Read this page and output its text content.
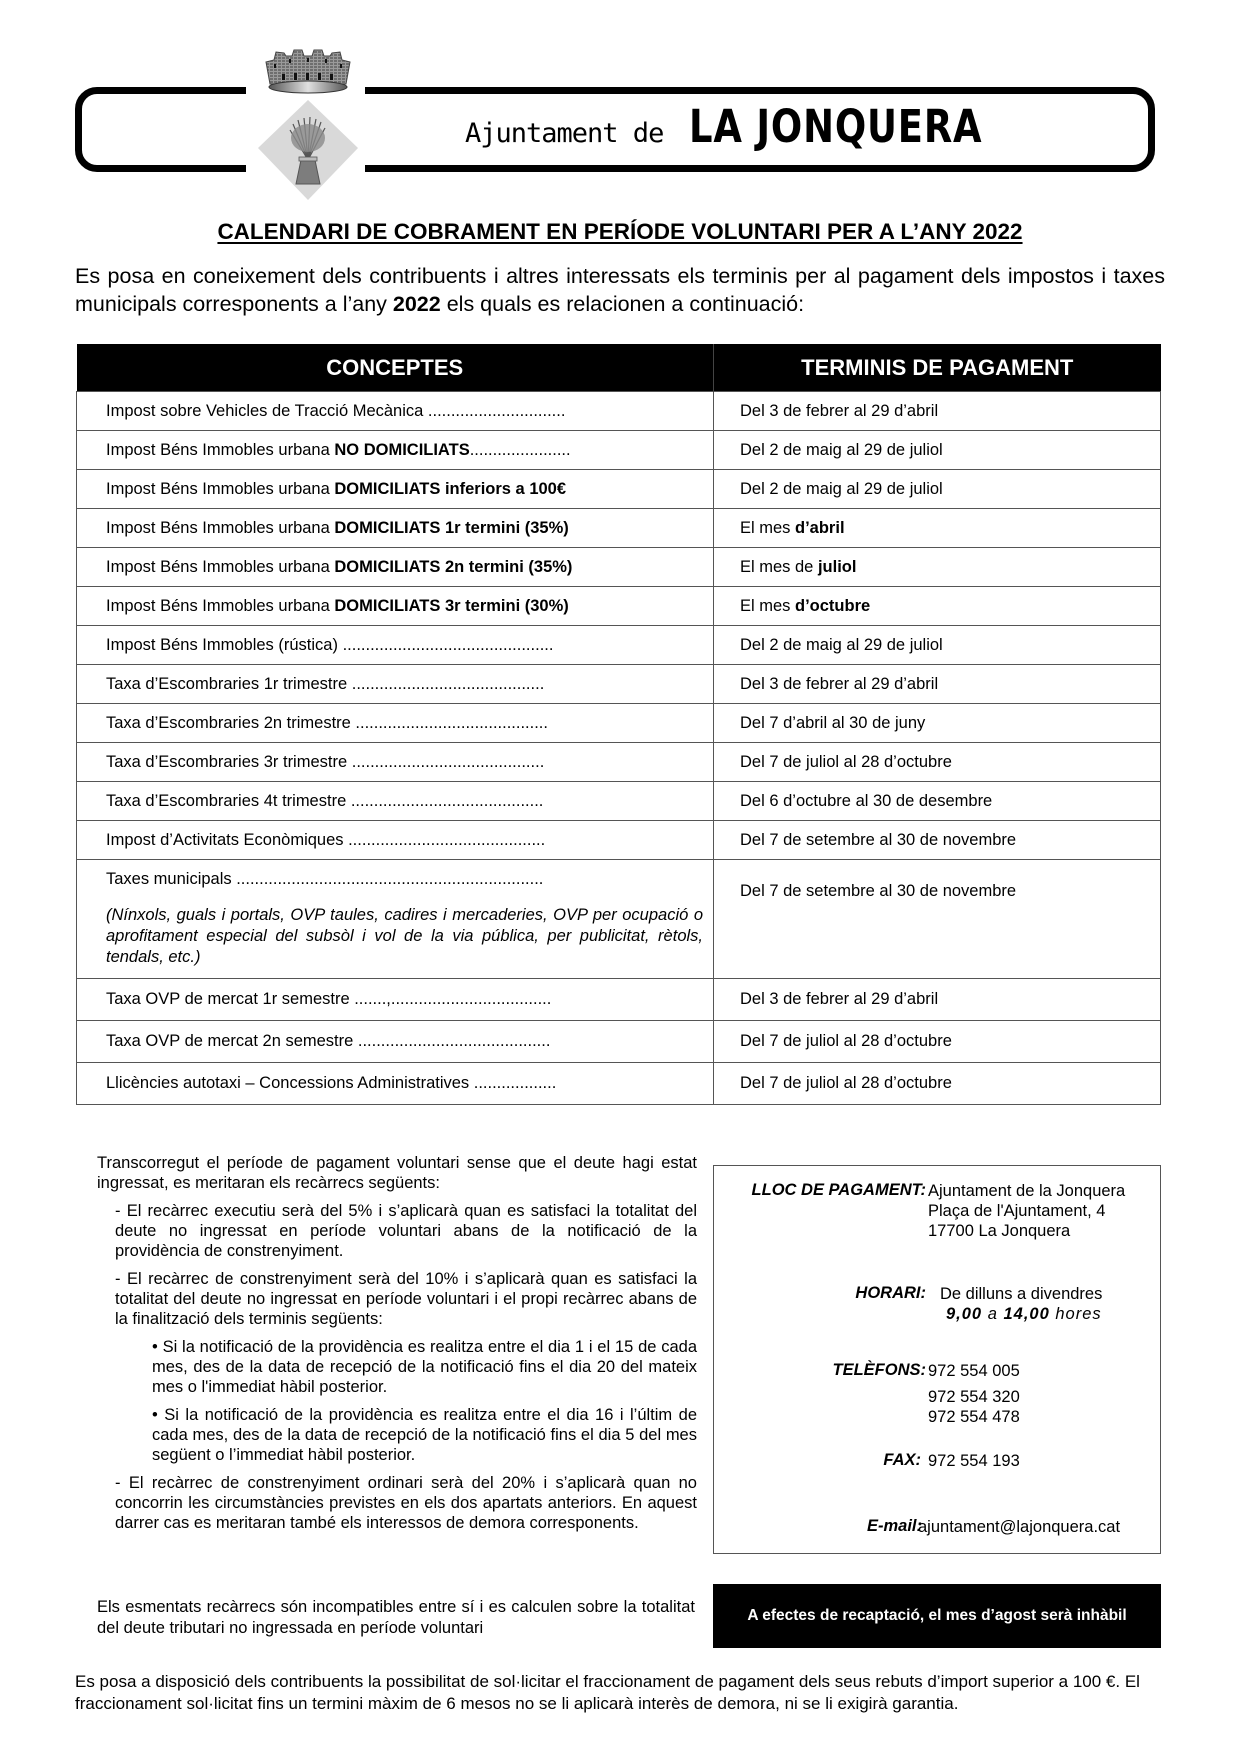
Ajuntament de LA JONQUERA
CALENDARI DE COBRAMENT EN PERÍODE VOLUNTARI PER A L’ANY 2022
Es posa en coneixement dels contribuents i altres interessats els terminis per al pagament dels impostos i taxes municipals corresponents a l’any 2022 els quals es relacionen a continuació:
CONCEPTES	TERMINIS DE PAGAMENT
Impost sobre Vehicles de Tracció Mecànica ..............................	Del 3 de febrer al 29 d’abril
Impost Béns Immobles urbana NO DOMICILIATS......................	Del 2 de maig al 29 de juliol
Impost Béns Immobles urbana DOMICILIATS inferiors a 100€	Del 2 de maig al 29 de juliol
Impost Béns Immobles urbana DOMICILIATS 1r termini (35%)	El mes d’abril
Impost Béns Immobles urbana DOMICILIATS 2n termini (35%)	El mes de juliol
Impost Béns Immobles urbana DOMICILIATS 3r termini (30%)	El mes d’octubre
Impost Béns Immobles (rústica) ..............................................	Del 2 de maig al 29 de juliol
Taxa d’Escombraries 1r trimestre ..........................................	Del 3 de febrer al 29 d’abril
Taxa d’Escombraries 2n trimestre ..........................................	Del 7 d’abril al 30 de juny
Taxa d’Escombraries 3r trimestre ..........................................	Del 7 de juliol al 28 d’octubre
Taxa d’Escombraries 4t trimestre ..........................................	Del 6 d’octubre al 30 de desembre
Impost d’Activitats Econòmiques ...........................................	Del 7 de setembre al 30 de novembre

Taxes municipals ...................................................................
(Nínxols, guals i portals, OVP taules, cadires i mercaderies, OVP per ocupació o aprofitament especial del subsòl i vol de la via pública, per publicitat, rètols, tendals, etc.)	Del 7 de setembre al 30 de novembre

Taxa OVP de mercat 1r semestre .......,...................................	Del 3 de febrer al 29 d’abril
Taxa OVP de mercat 2n semestre ..........................................	Del 7 de juliol al 28 d’octubre
Llicències autotaxi – Concessions Administratives ..................	Del 7 de juliol al 28 d’octubre

Transcorregut el període de pagament voluntari sense que el deute hagi estat ingressat, es meritaran els recàrrecs següents:

- El recàrrec executiu serà del 5% i s’aplicarà quan es satisfaci la totalitat del deute no ingressat en període voluntari abans de la notificació de la providència de constrenyiment.

- El recàrrec de constrenyiment serà del 10% i s’aplicarà quan es satisfaci la totalitat del deute no ingressat en període voluntari i el propi recàrrec abans de la finalització dels terminis següents:

• Si la notificació de la providència es realitza entre el dia 1 i el 15 de cada mes, des de la data de recepció de la notificació fins el dia 20 del mateix mes o l'immediat hàbil posterior.

• Si la notificació de la providència es realitza entre el dia 16 i l’últim de cada mes, des de la data de recepció de la notificació fins el dia 5 del mes següent o l’immediat hàbil posterior.

- El recàrrec de constrenyiment ordinari serà del 20% i s’aplicarà quan no concorrin les circumstàncies previstes en els dos apartats anteriors. En aquest darrer cas es meritaran també els interessos de demora corresponents.

Els esmentats recàrrecs són incompatibles entre sí i es calculen sobre la totalitat del deute tributari no ingressada en període voluntari
LLOC DE PAGAMENT: Ajuntament de la Jonquera
Plaça de l'Ajuntament, 4
17700 La Jonquera
HORARI: De dilluns a divendres
9,00 a 14,00 hores
TELÈFONS: 972 554 005
972 554 320
972 554 478
FAX: 972 554 193
E-mail:
ajuntament@lajonquera.cat
A efectes de recaptació, el mes d’agost serà inhàbil
Es posa a disposició dels contribuents la possibilitat de sol·licitar el fraccionament de pagament dels seus rebuts d’import superior a 100 €. El fraccionament sol·licitat fins un termini màxim de 6 mesos no se li aplicarà interès de demora, ni se li exigirà garantia.
